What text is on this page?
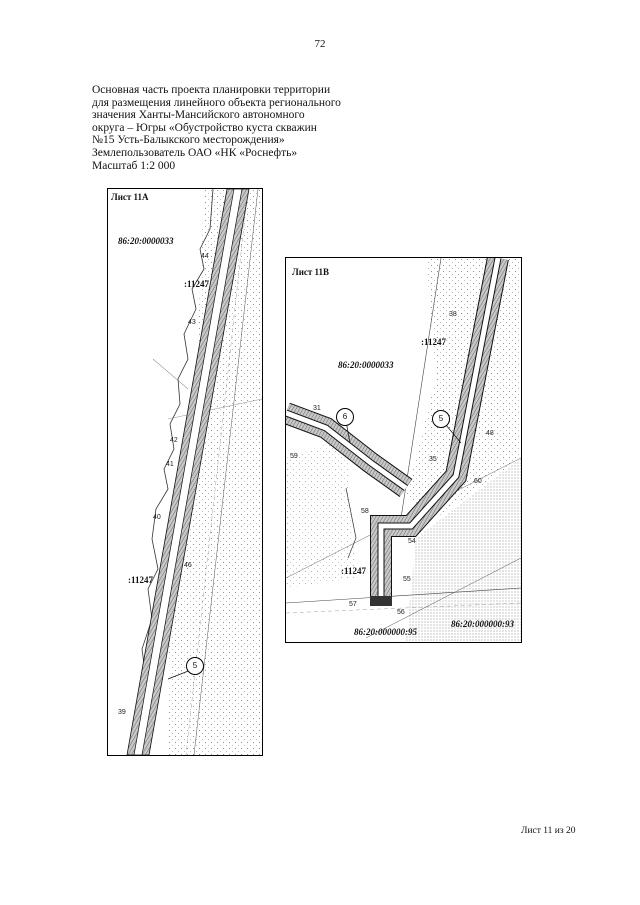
72
Основная часть проекта планировки территории
для размещения линейного объекта регионального
значения Ханты-Мансийского автономного
округа – Югры «Обустройство куста скважин
№15 Усть-Балыкского месторождения»
Землепользователь ОАО «НК «Роснефть»
Масштаб 1:2 000
Лист 11А
86:20:0000033
:11247
:11247
44
43
42
41
40
46
39
5
Лист 11В
86:20:0000033
:11247
:11247
86:20:000000:95
86:20:000000:93
6	5
38
31
59	35
48
60
58
54
55
57
56
Лист 11 из 20
